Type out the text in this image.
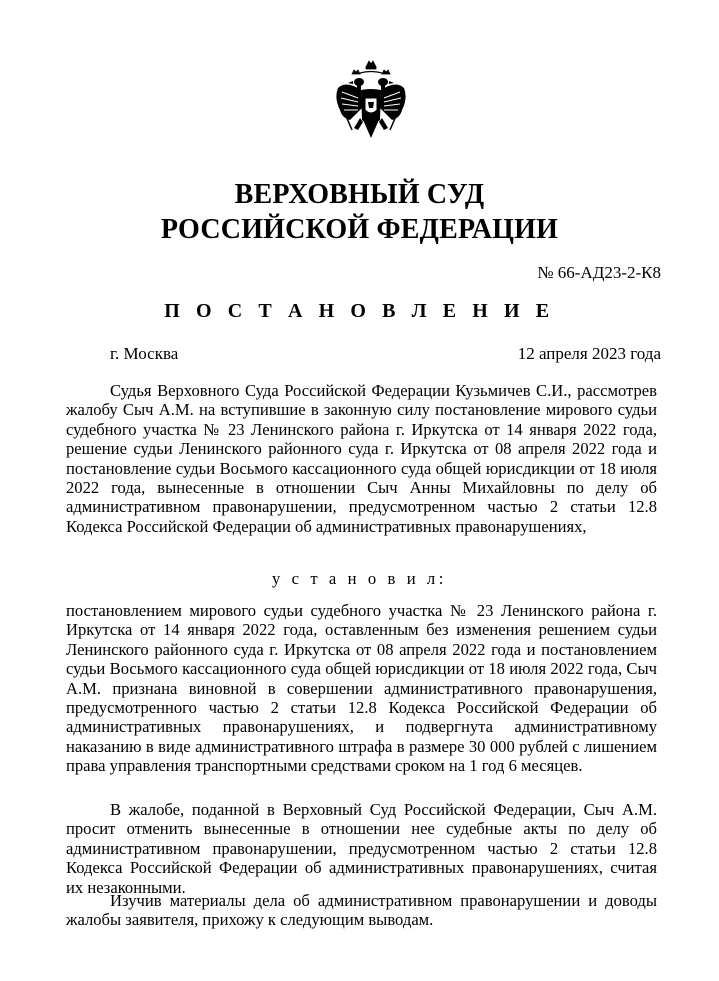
ВЕРХОВНЫЙ СУД
РОССИЙСКОЙ ФЕДЕРАЦИИ
№ 66-АД23-2-К8
П О С Т А Н О В Л Е Н И Е
г. Москва	12 апреля 2023 года
Судья Верховного Суда Российской Федерации Кузьмичев С.И., рассмотрев жалобу Сыч А.М. на вступившие в законную силу постановление мирового судьи судебного участка № 23 Ленинского района г. Иркутска от 14 января 2022 года, решение судьи Ленинского районного суда г. Иркутска от 08 апреля 2022 года и постановление судьи Восьмого кассационного суда общей юрисдикции от 18 июля 2022 года, вынесенные в отношении Сыч Анны Михайловны по делу об административном правонарушении, предусмотренном частью 2 статьи 12.8 Кодекса Российской Федерации об административных правонарушениях,
у с т а н о в и л:
постановлением мирового судьи судебного участка № 23 Ленинского района г. Иркутска от 14 января 2022 года, оставленным без изменения решением судьи Ленинского районного суда г. Иркутска от 08 апреля 2022 года и постановлением судьи Восьмого кассационного суда общей юрисдикции от 18 июля 2022 года, Сыч А.М. признана виновной в совершении административного правонарушения, предусмотренного частью 2 статьи 12.8 Кодекса Российской Федерации об административных правонарушениях, и подвергнута административному наказанию в виде административного штрафа в размере 30 000 рублей с лишением права управления транспортными средствами сроком на 1 год 6 месяцев.
В жалобе, поданной в Верховный Суд Российской Федерации, Сыч А.М. просит отменить вынесенные в отношении нее судебные акты по делу об административном правонарушении, предусмотренном частью 2 статьи 12.8 Кодекса Российской Федерации об административных правонарушениях, считая их незаконными.
Изучив материалы дела об административном правонарушении и доводы жалобы заявителя, прихожу к следующим выводам.
